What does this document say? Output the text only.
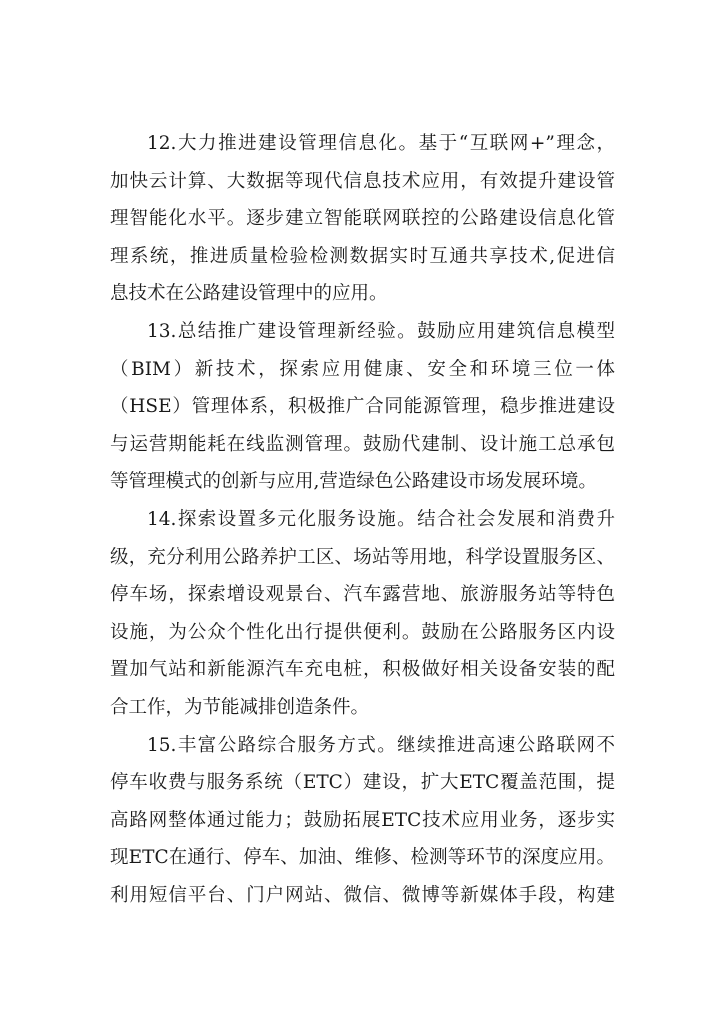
12.大力推进建设管理信息化。基于“互联网+”理念，
加快云计算、大数据等现代信息技术应用，有效提升建设管
理智能化水平。逐步建立智能联网联控的公路建设信息化管
理系统，推进质量检验检测数据实时互通共享技术,促进信
息技术在公路建设管理中的应用。
13.总结推广建设管理新经验。鼓励应用建筑信息模型
（BIM）新技术，探索应用健康、安全和环境三位一体
（HSE）管理体系，积极推广合同能源管理，稳步推进建设
与运营期能耗在线监测管理。鼓励代建制、设计施工总承包
等管理模式的创新与应用,营造绿色公路建设市场发展环境。
14.探索设置多元化服务设施。结合社会发展和消费升
级，充分利用公路养护工区、场站等用地，科学设置服务区、
停车场，探索增设观景台、汽车露营地、旅游服务站等特色
设施，为公众个性化出行提供便利。鼓励在公路服务区内设
置加气站和新能源汽车充电桩，积极做好相关设备安装的配
合工作，为节能减排创造条件。
15.丰富公路综合服务方式。继续推进高速公路联网不
停车收费与服务系统（ETC）建设，扩大ETC覆盖范围，提
高路网整体通过能力；鼓励拓展ETC技术应用业务，逐步实
现ETC在通行、停车、加油、维修、检测等环节的深度应用。
利用短信平台、门户网站、微信、微博等新媒体手段，构建
